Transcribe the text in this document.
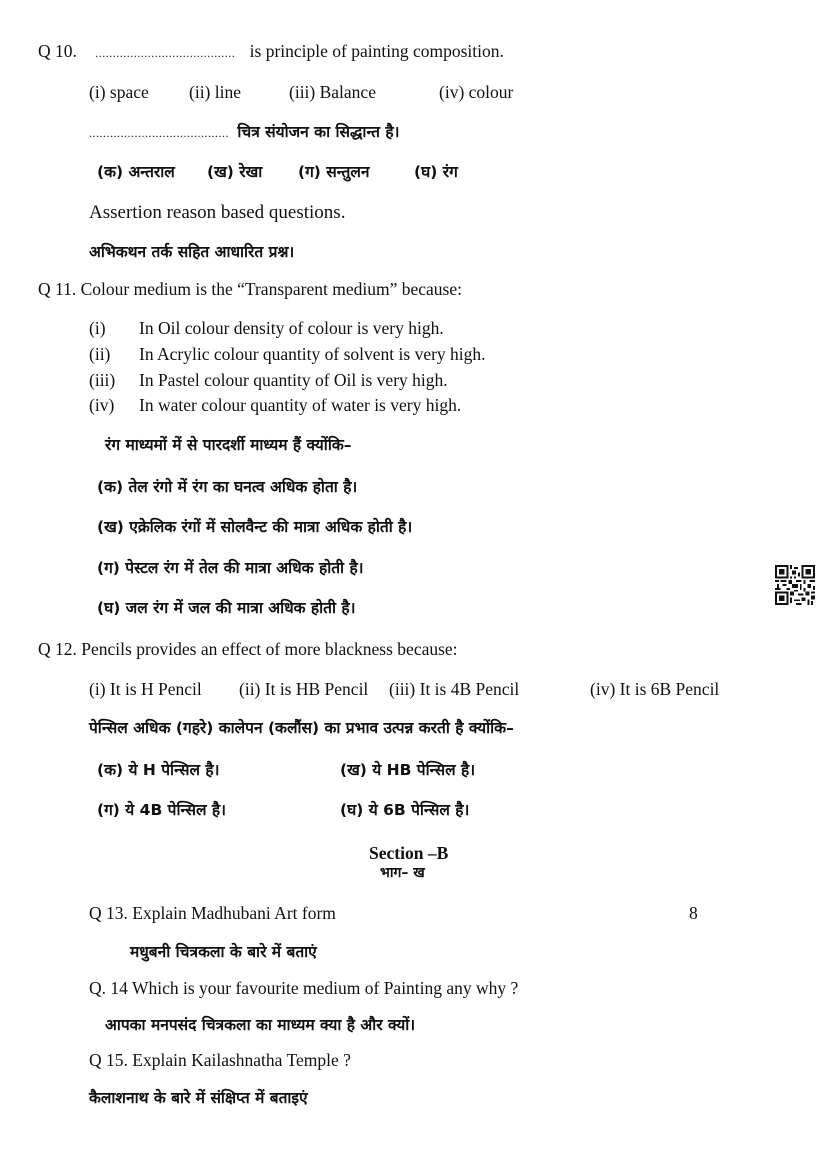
Q 10. ........................................ is principle of painting composition.
(i) space (ii) line	(iii) Balance	(iv) colour
........................................ चित्र संयोजन का सिद्धान्त है।
(क) अन्तराल (ख) रेखा (ग) सन्तुलन	(घ) रंग
Assertion reason based questions.
अभिकथन तर्क सहित आधारित प्रश्न।
Q 11. Colour medium is the “Transparent medium” because:
(i) In Oil colour density of colour is very high.
(ii) In Acrylic colour quantity of solvent is very high.
(iii) In Pastel colour quantity of Oil is very high.
(iv) In water colour quantity of water is very high.
रंग माध्यमों में से पारदर्शी माध्यम हैं क्योंकि–
(क) तेल रंगो में रंग का घनत्व अधिक होता है।
(ख) एक्रेलिक रंगों में सोलवैन्ट की मात्रा अधिक होती है।
(ग) पेस्टल रंग में तेल की मात्रा अधिक होती है।
(घ) जल रंग में जल की मात्रा अधिक होती है।
Q 12. Pencils provides an effect of more blackness because:
(i) It is H Pencil (ii) It is HB Pencil (iii) It is 4B Pencil	(iv) It is 6B Pencil
पेन्सिल अधिक (गहरे) कालेपन (कलौंस) का प्रभाव उत्पन्न करती है क्योंकि–
(क) ये H पेन्सिल है।	(ख) ये HB पेन्सिल है।
(ग) ये 4B पेन्सिल है।	(घ) ये 6B पेन्सिल है।
Section –B
भाग– ख
Q 13. Explain Madhubani Art form	8
मधुबनी चित्रकला के बारे में बताएं
Q. 14 Which is your favourite medium of Painting any why ?
आपका मनपसंद चित्रकला का माध्यम क्या है और क्यों।
Q 15. Explain Kailashnatha Temple ?
कैलाशनाथ के बारे में संक्षिप्त में बताइएं
